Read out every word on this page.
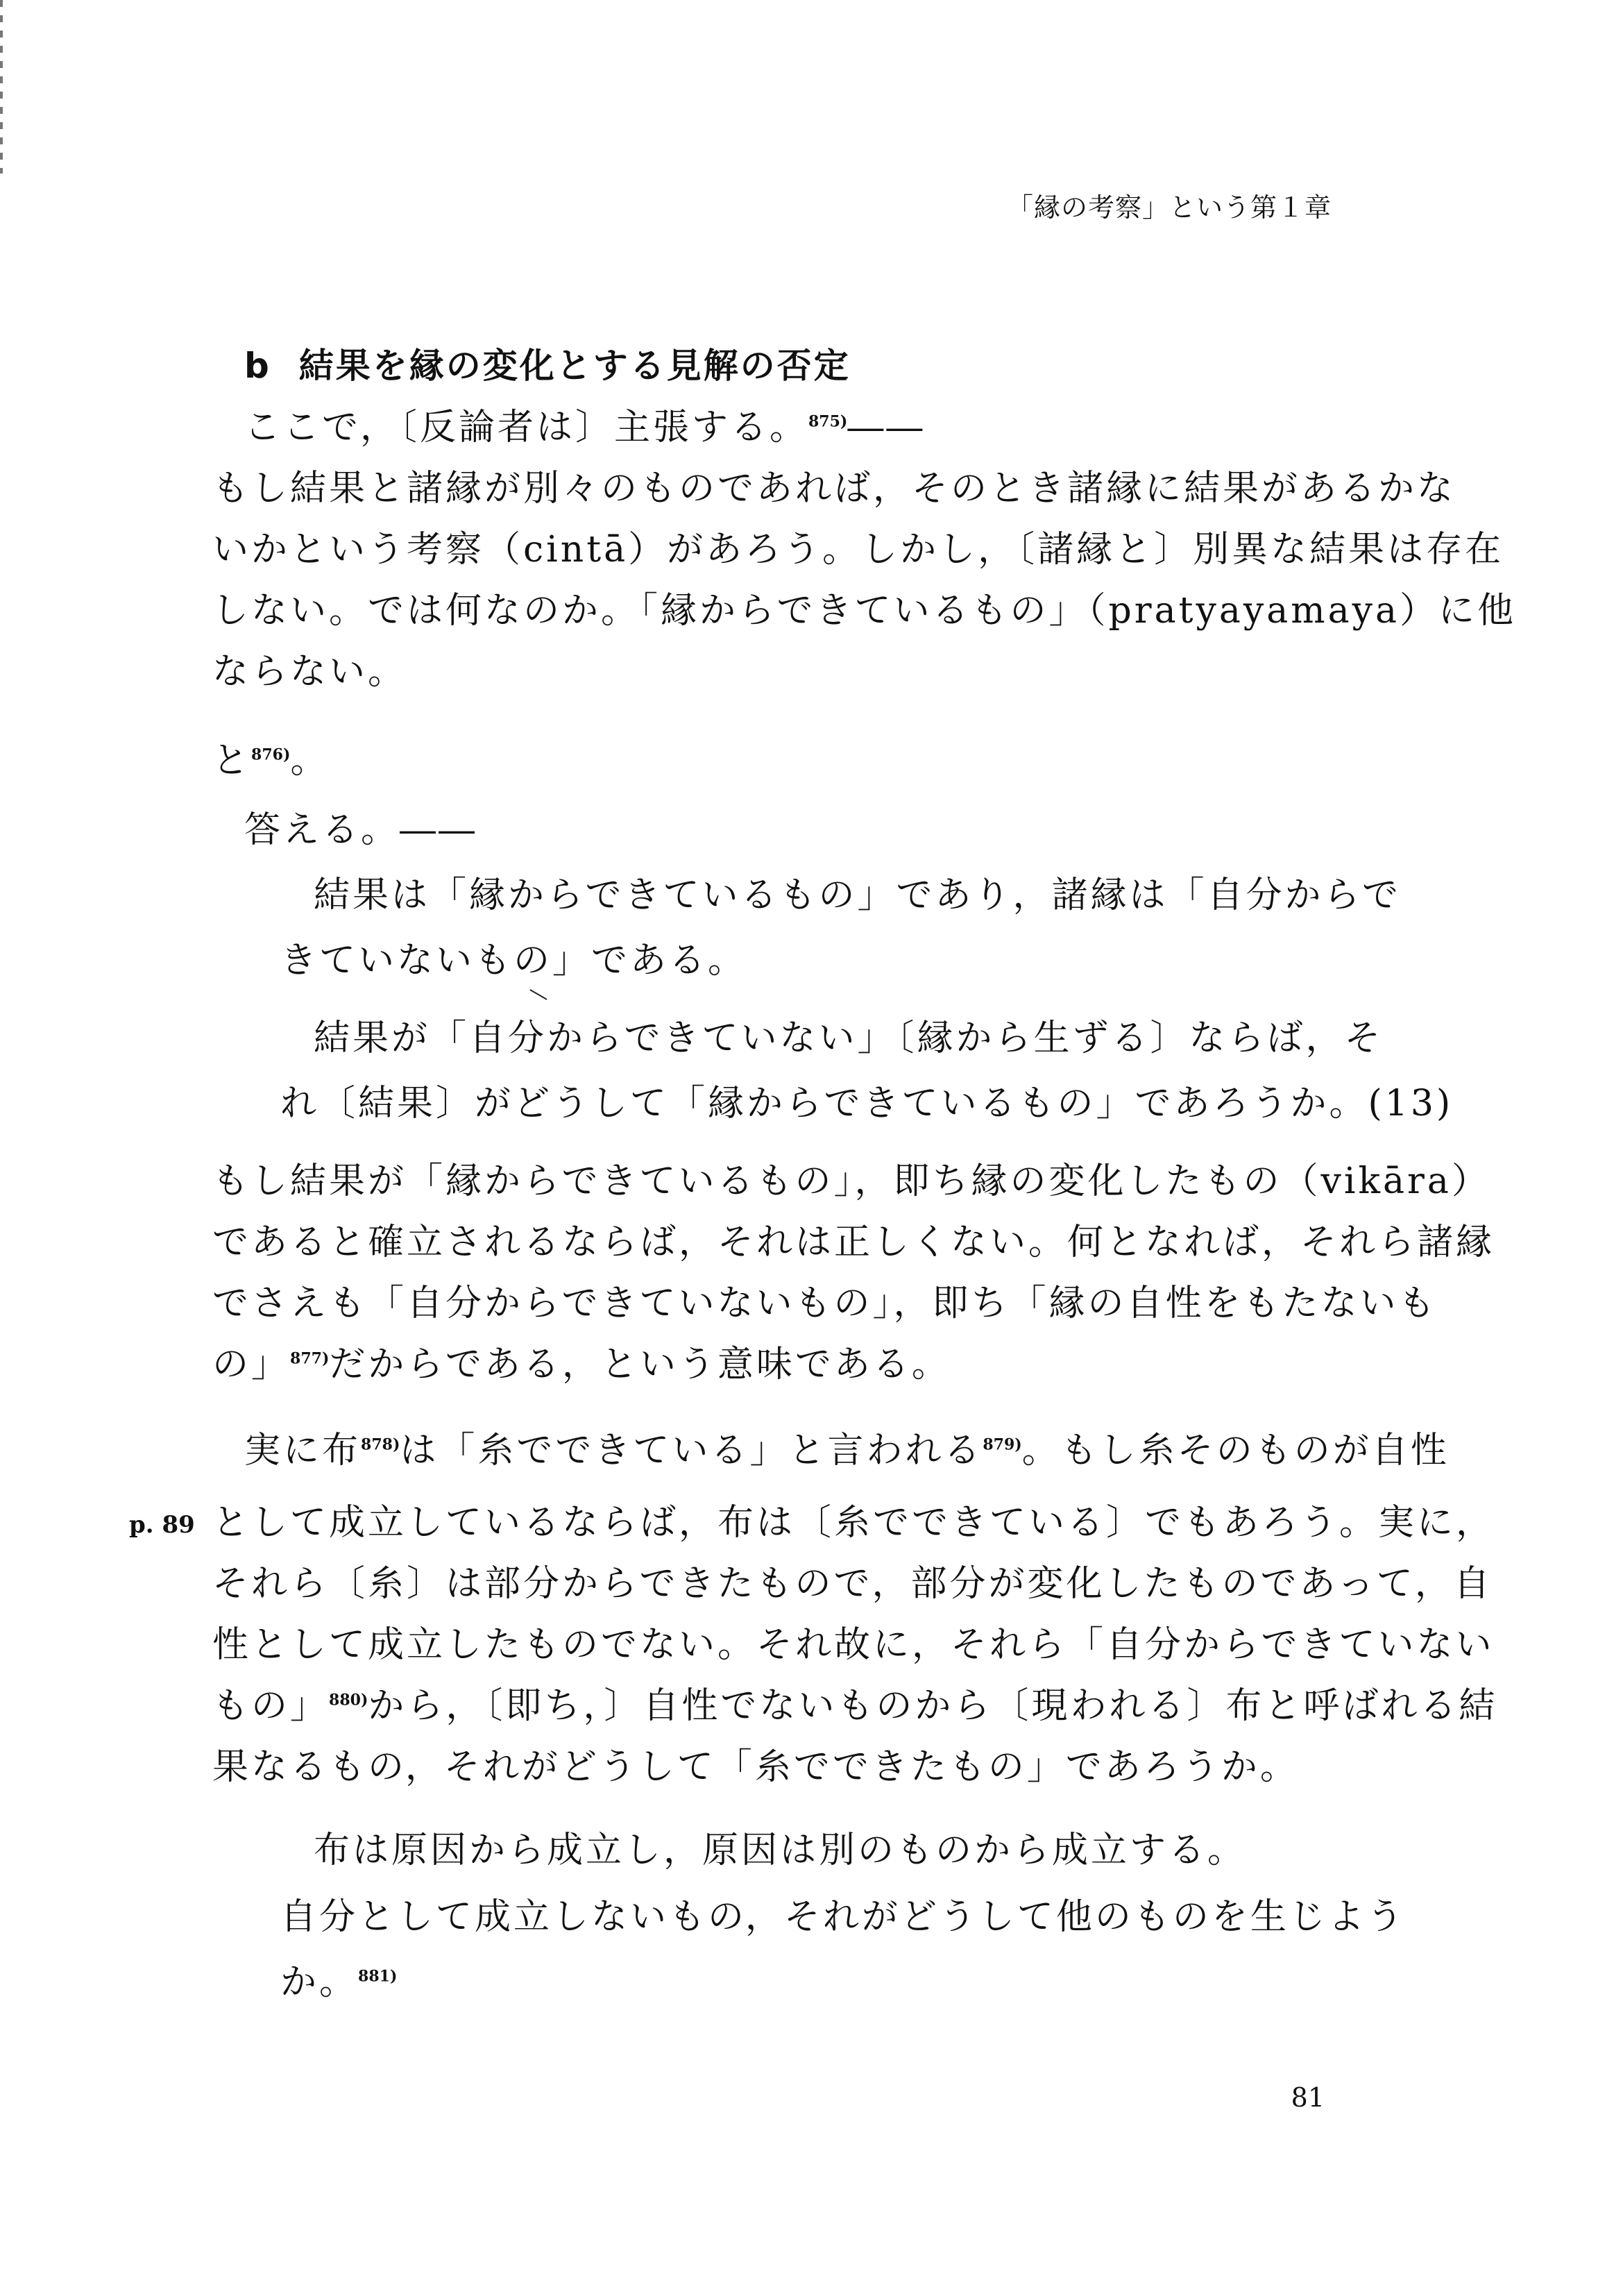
「縁の考察」という第１章
b 結果を縁の変化とする見解の否定
ここで，〔反論者は〕主張する。$^{875)}$――
もし結果と諸縁が別々のものであれば，そのとき諸縁に結果があるかな
いかという考察（cintā）があろう。しかし，〔諸縁と〕別異な結果は存在
しない。では何なのか。「縁からできているもの」（pratyayamaya）に他
ならない。
と$^{876)}$。
答える。――
結果は「縁からできているもの」であり，諸縁は「自分からで
きていないもの」である。
結果が「自分からできていない」〔縁から生ずる〕ならば，そ
れ〔結果〕がどうして「縁からできているもの」であろうか。(13)
もし結果が「縁からできているもの」，即ち縁の変化したもの（vikāra）
であると確立されるならば，それは正しくない。何となれば，それら諸縁
でさえも「自分からできていないもの」，即ち「縁の自性をもたないも
の」$^{877)}$だからである，という意味である。
実に布$^{878)}$は「糸でできている」と言われる$^{879)}$。もし糸そのものが自性
p. 89 として成立しているならば，布は〔糸でできている〕でもあろう。実に，
それら〔糸〕は部分からできたもので，部分が変化したものであって，自
性として成立したものでない。それ故に，それら「自分からできていない
もの」$^{880)}$から，〔即ち，〕自性でないものから〔現われる〕布と呼ばれる結
果なるもの，それがどうして「糸でできたもの」であろうか。
布は原因から成立し，原因は別のものから成立する。
自分として成立しないもの，それがどうして他のものを生じよう
か。$^{881)}$
81
